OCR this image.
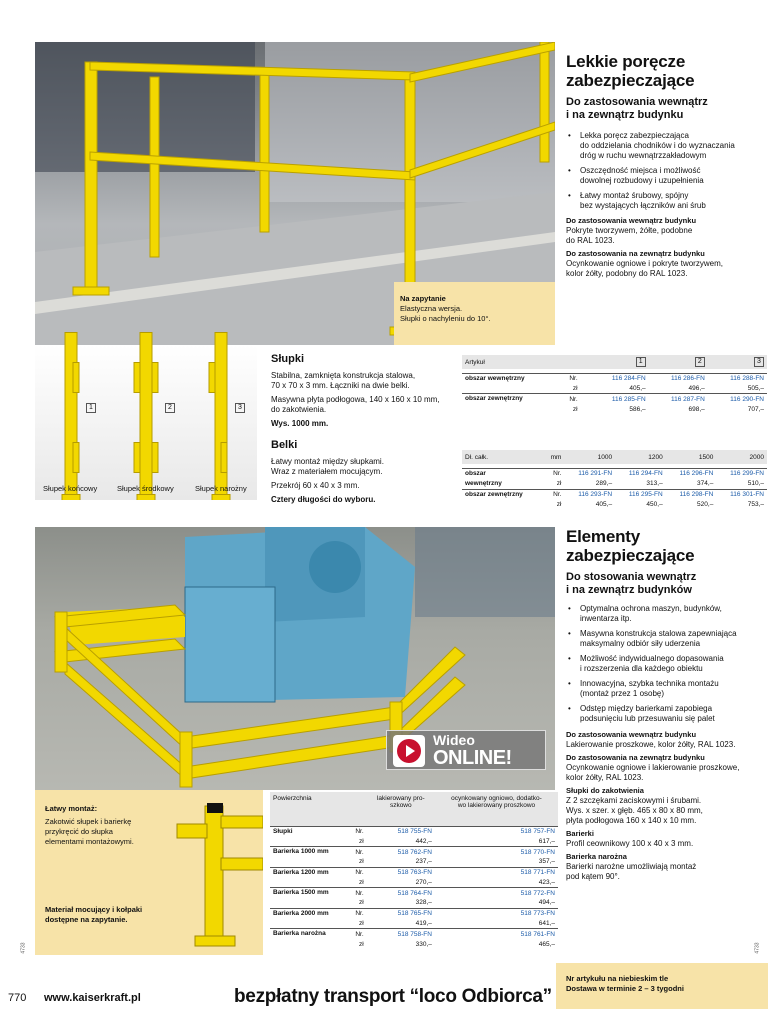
Na zapytanie
Elastyczna wersja.
Słupki o nachyleniu do 10°.
Lekkie poręcze
zabezpieczające
Do zastosowania wewnątrz
i na zewnątrz budynku
• Lekka poręcz zabezpieczająca
do oddzielania chodników i do wyznaczania
dróg w ruchu wewnątrzzakładowym
• Oszczędność miejsca i możliwość
dowolnej rozbudowy i uzupełnienia
• Łatwy montaż śrubowy, spójny
bez wystających łączników ani śrub
Do zastosowania wewnątrz budynku
Pokryte tworzywem, żółte, podobne
do RAL 1023.
Do zastosowania na zewnątrz budynku
Ocynkowanie ogniowe i pokryte tworzywem,
kolor żółty, podobny do RAL 1023.
1	2	3
Słupek końcowy	Słupek środkowy	Słupek narożny
Słupki
Stabilna, zamknięta konstrukcja stalowa,
70 x 70 x 3 mm. Łączniki na dwie belki.
Masywna płyta podłogowa, 140 x 160 x 10 mm,
do zakotwienia.
Wys. 1000 mm.
Belki
Łatwy montaż między słupkami.
Wraz z materiałem mocującym.
Przekrój 60 x 40 x 3 mm.
Cztery długości do wyboru.
Artykuł			1	2	3

obszar wewnętrzny	Nr.		116 284-FN	116 286-FN	116 288-FN
	zł		405,–	496,–	505,–
obszar zewnętrzny	Nr.		116 285-FN	116 287-FN	116 290-FN
	zł		586,–	698,–	707,–
Dł. całk.	mm	1000	1200	1500	2000

obszar	Nr.	116 291-FN	116 294-FN	116 296-FN	116 299-FN
wewnętrzny	zł	289,–	313,–	374,–	510,–
obszar zewnętrzny	Nr.	116 293-FN	116 295-FN	116 298-FN	116 301-FN
	zł	405,–	450,–	520,–	753,–
Wideo
ONLINE!
Elementy
zabezpieczające
Do stosowania wewnątrz
i na zewnątrz budynków
• Optymalna ochrona maszyn, budynków,
inwentarza itp.
• Masywna konstrukcja stalowa zapewniająca
maksymalny odbiór siły uderzenia
• Możliwość indywidualnego dopasowania
i rozszerzenia dla każdego obiektu
• Innowacyjna, szybka technika montażu
(montaż przez 1 osobę)
• Odstęp między barierkami zapobiega
podsunięciu lub przesuwaniu się palet
Do zastosowania wewnątrz budynku
Lakierowanie proszkowe, kolor żółty, RAL 1023.
Do zastosowania na zewnątrz budynku
Ocynkowanie ogniowe i lakierowanie proszkowe,
kolor żółty, RAL 1023.
Słupki do zakotwienia
Z 2 szczękami zaciskowymi i śrubami.
Wys. x szer. x głęb. 465 x 80 x 80 mm,
płyta podłogowa 160 x 140 x 10 mm.
Barierki
Profil ceownikowy 100 x 40 x 3 mm.
Barierka narożna
Barierki narożne umożliwiają montaż
pod kątem 90°.
Łatwy montaż:
Zakotwić słupek i barierkę
przykręcić do słupka
elementami montażowymi.
Materiał mocujący i kołpaki
dostępne na zapytanie.
Powierzchnia		lakierowany pro-
szkowo	ocynkowany ogniowo, dodatko-
wo lakierowany proszkowo
Słupki	Nr.	518 755-FN	518 757-FN
	zł	442,–	617,–
Barierka 1000 mm	Nr.	518 762-FN	518 770-FN
	zł	237,–	357,–
Barierka 1200 mm	Nr.	518 763-FN	518 771-FN
	zł	270,–	423,–
Barierka 1500 mm	Nr.	518 764-FN	518 772-FN
	zł	328,–	494,–
Barierka 2000 mm	Nr.	518 765-FN	518 773-FN
	zł	419,–	641,–
Barierka narożna	Nr.	518 758-FN	518 761-FN
	zł	330,–	465,–
4733	4733
770 www.kaiserkraft.pl	bezpłatny transport “loco Odbiorca”
Nr artykułu na niebieskim tle
Dostawa w terminie 2 – 3 tygodni
